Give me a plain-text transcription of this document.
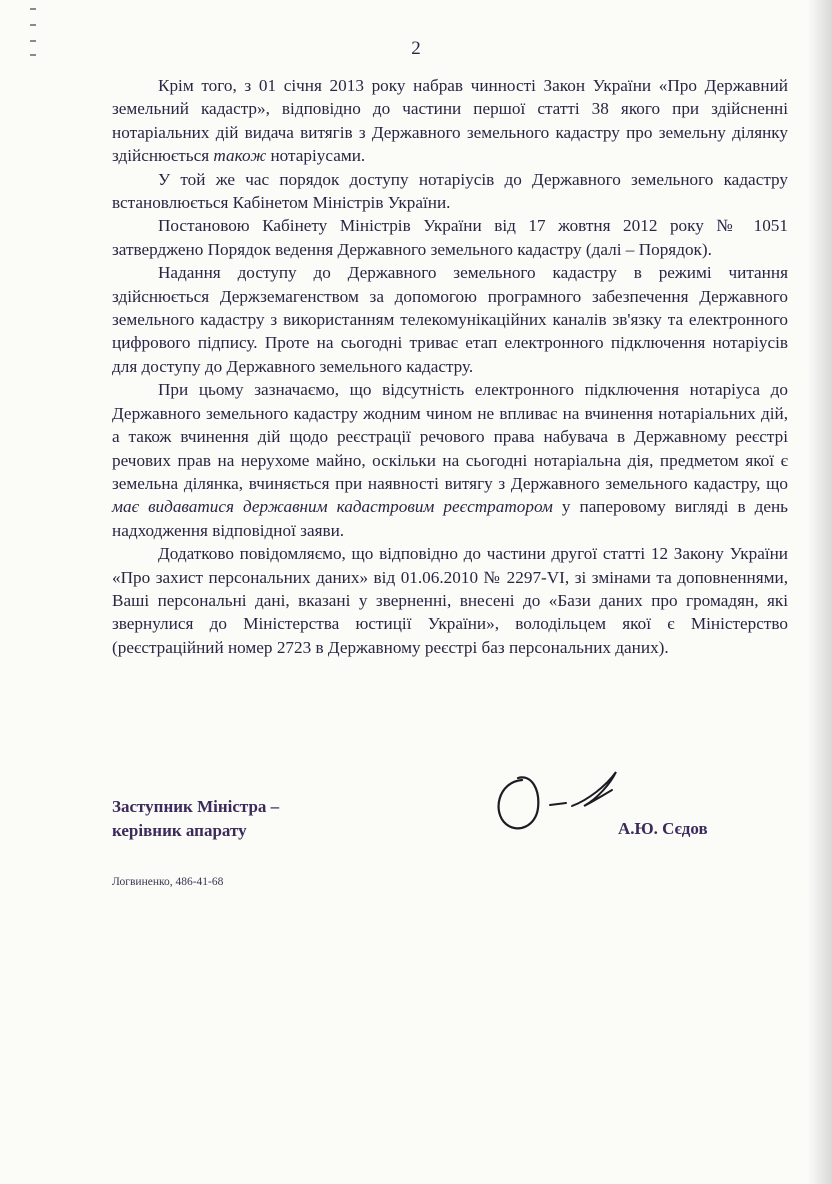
2

Крім того, з 01 січня 2013 року набрав чинності Закон України «Про Державний земельний кадастр», відповідно до частини першої статті 38 якого при здійсненні нотаріальних дій видача витягів з Державного земельного кадастру про земельну ділянку здійснюється також нотаріусами.

У той же час порядок доступу нотаріусів до Державного земельного кадастру встановлюється Кабінетом Міністрів України.

Постановою Кабінету Міністрів України від 17 жовтня 2012 року № 1051 затверджено Порядок ведення Державного земельного кадастру (далі – Порядок).

Надання доступу до Державного земельного кадастру в режимі читання здійснюється Держземагенством за допомогою програмного забезпечення Державного земельного кадастру з використанням телекомунікаційних каналів зв'язку та електронного цифрового підпису. Проте на сьогодні триває етап електронного підключення нотаріусів для доступу до Державного земельного кадастру.

При цьому зазначаємо, що відсутність електронного підключення нотаріуса до Державного земельного кадастру жодним чином не впливає на вчинення нотаріальних дій, а також вчинення дій щодо реєстрації речового права набувача в Державному реєстрі речових прав на нерухоме майно, оскільки на сьогодні нотаріальна дія, предметом якої є земельна ділянка, вчиняється при наявності витягу з Державного земельного кадастру, що має видаватися державним кадастровим реєстратором у паперовому вигляді в день надходження відповідної заяви.

Додатково повідомляємо, що відповідно до частини другої статті 12 Закону України «Про захист персональних даних» від 01.06.2010 № 2297-VI, зі змінами та доповненнями, Ваші персональні дані, вказані у зверненні, внесені до «Бази даних про громадян, які звернулися до Міністерства юстиції України», володільцем якої є Міністерство (реєстраційний номер 2723 в Державному реєстрі баз персональних даних).

Заступник Міністра –
керівник апарату	А.Ю. Сєдов
Логвиненко, 486-41-68
